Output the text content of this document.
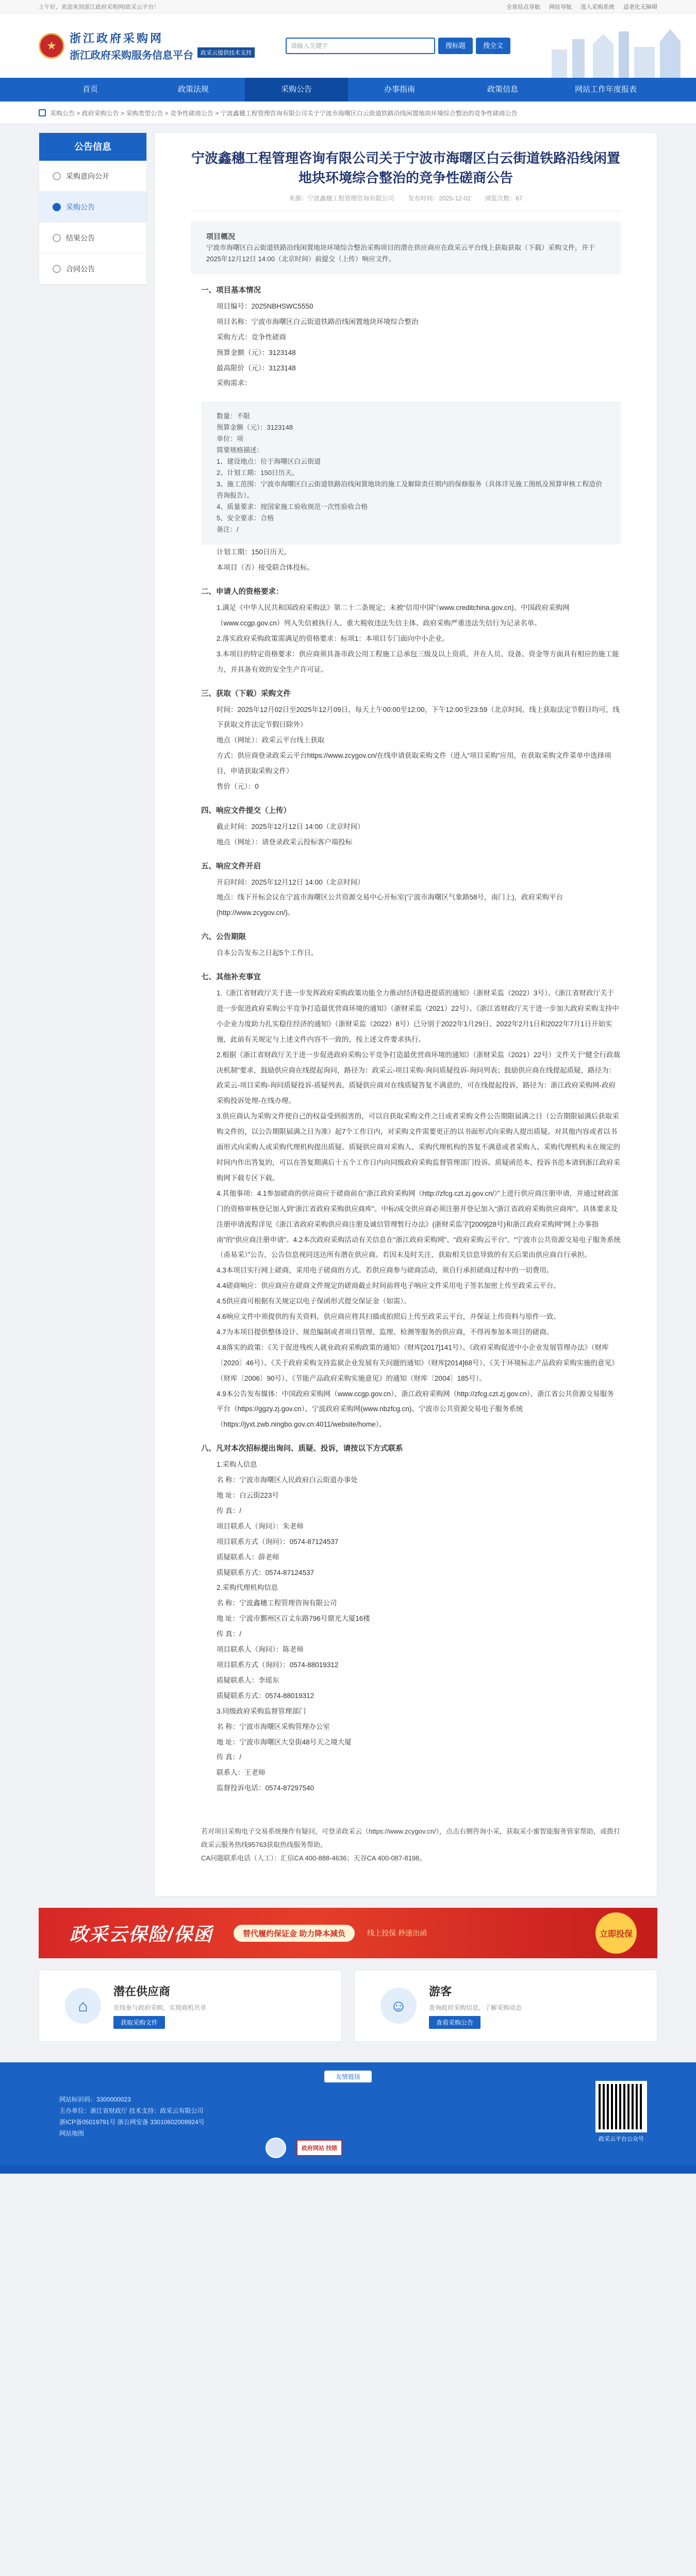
上午好，欢迎来到浙江政府采购网/政采云平台！	全省站点导航 网站导航 进入采购系统 适老化无障碍
★
浙江政府采购网
浙江政府采购服务信息平台	政采云提供技术支持
请输入关键字	搜标题	搜全文
首页	政策法规	采购公告	办事指南	政策信息	网站工作年度报表
采购公告 > 政府采购公告 > 采购类型公告 > 竞争性磋商公告 > 宁波鑫穗工程管理咨询有限公司关于宁波市海曙区白云街道铁路沿线闲置地块环境综合整治的竞争性磋商公告
公告信息
采购意向公开
采购公告
结果公告
合同公告
宁波鑫穗工程管理咨询有限公司关于宁波市海曙区白云街道铁路沿线闲置地块环境综合整治的竞争性磋商公告
来源：宁波鑫穗工程管理咨询有限公司 发布时间：2025-12-02 浏览次数：67
项目概况
宁波市海曙区白云街道铁路沿线闲置地块环境综合整治采购项目的潜在供应商应在政采云平台线上获取获取（下载）采购文件，并于2025年12月12日 14:00（北京时间）前提交（上传）响应文件。

一、项目基本情况

项目编号：2025NBHSWC5550

项目名称：宁波市海曙区白云街道铁路沿线闲置地块环境综合整治

采购方式：竞争性磋商

预算金额（元）：3123148

最高限价（元）：3123148

采购需求：

数量：不限

预算金额（元）：3123148

单位：项

简要规格描述：

1、建设地点：位于海曙区白云街道

2、计划工期：150日历天。

3、施工范围：宁波市海曙区白云街道铁路沿线闲置地块的施工及解除责任期内的保修服务（具体详见施工图纸及预算审核工程造价咨询报告）。

4、质量要求：按国家施工验收规范一次性验收合格

5、安全要求：合格

备注：/

计划工期：150日历天。

本项目（否）接受联合体投标。

二、申请人的资格要求：

1.满足《中华人民共和国政府采购法》第二十二条规定；未被“信用中国”（www.creditchina.gov.cn)、中国政府采购网（www.ccgp.gov.cn）列入失信被执行人、重大税收违法失信主体、政府采购严重违法失信行为记录名单。

2.落实政府采购政策需满足的资格要求：标项1：本项目专门面向中小企业。

3.本项目的特定资格要求：供应商须具备市政公用工程施工总承包三级及以上资质，并在人员、设备、资金等方面具有相应的施工能力，并具备有效的安全生产许可证。

三、获取（下载）采购文件

时间：2025年12月02日至2025年12月09日，每天上午00:00至12:00，下午12:00至23:59（北京时间，线上获取法定节假日均可，线下获取文件法定节假日除外）

地点（网址）：政采云平台线上获取

方式：供应商登录政采云平台https://www.zcygov.cn/在线申请获取采购文件（进入“项目采购”应用，在获取采购文件菜单中选择项目，申请获取采购文件）

售价（元）：0

四、响应文件提交（上传）

截止时间：2025年12月12日 14:00（北京时间）

地点（网址）：请登录政采云投标客户端投标

五、响应文件开启

开启时间：2025年12月12日 14:00（北京时间）

地点：线下开标会议在宁波市海曙区公共资源交易中心开标室(宁波市海曙区气象路58号，南门上)，政府采购平台(http://www.zcygov.cn/)。

六、公告期限

自本公告发布之日起5个工作日。

七、其他补充事宜

1.《浙江省财政厅关于进一步发挥政府采购政策功能全力推动经济稳进提质的通知》（浙财采监（2022）3号）、《浙江省财政厅关于进一步促进政府采购公平竞争打造最优营商环境的通知》（浙财采监（2021）22号）、《浙江省财政厅关于进一步加大政府采购支持中小企业力度助力扎实稳住经济的通知》（浙财采监（2022）8号）已分别于2022年1月29日、2022年2月1日和2022年7月1日开始实施，此前有关规定与上述文件内容不一致的，按上述文件要求执行。

2.根据《浙江省财政厅关于进一步促进政府采购公平竞争打造最优营商环境的通知》（浙财采监（2021）22号）文件关于“健全行政裁决机制”要求，鼓励供应商在线提起询问，路径为：政采云-项目采购-询问质疑投诉-询问列表；鼓励供应商在线提起质疑，路径为：政采云-项目采购-询问质疑投诉-质疑列表。质疑供应商对在线质疑答复不满意的，可在线提起投诉，路径为：浙江政府采购网-政府采购投诉处理-在线办理。

3.供应商认为采购文件使自己的权益受到损害的，可以自获取采购文件之日或者采购文件公告期限届满之日（公告期限届满后获取采购文件的，以公告期限届满之日为准）起7个工作日内，对采购文件需要更正的以书面形式向采购人提出质疑。对其他内容或者以书面形式向采购人或采购代理机构提出质疑。质疑供应商对采购人、采购代理机构的答复不满意或者采购人、采购代理机构未在规定的时间内作出答复的，可以在答复期满后十五个工作日内向同级政府采购监督管理部门投诉。质疑函范本、投诉书范本请到浙江政府采购网下载专区下载。

4.其他事项：4.1参加磋商的供应商应于磋商前在“浙江政府采购网（http://zfcg.czt.zj.gov.cn/）”上进行供应商注册申请，并通过财政部门的资格审核登记加入到“浙江省政府采购供应商库”。中标/成交供应商必须注册并登记加入“浙江省政府采购供应商库”。具体要求及注册申请流程详见《浙江省政府采购供应商注册及诚信管理暂行办法》(浙财采监字[2009]28号)和浙江政府采购网“网上办事指南”的“供应商注册申请”。4.2本次政府采购活动有关信息在“浙江政府采购网”、“政府采购云平台”、“宁波市公共资源交易电子服务系统（甬易采）”公告，公告信息视同送达所有潜在供应商。若因未及时关注、获取相关信息导致的有关后果由供应商自行承担。

4.3本项目实行网上磋商，采用电子磋商的方式。若供应商参与磋商活动，须自行承担磋商过程中的一切费用。

4.4磋商响应：供应商应在磋商文件规定的磋商截止时间前将电子响应文件采用电子签名加密上传至政采云平台。

4.5供应商可根据有关规定以电子保函形式提交保证金（如需）。

4.6响应文件中须提供的有关资料，供应商应将其扫描或拍照后上传至政采云平台，并保证上传资料与原件一致。

4.7为本项目提供整体设计、规范编制或者项目管理、监理、检测等服务的供应商，不得再参加本项目的磋商。

4.8落实的政策：《关于促进残疾人就业政府采购政策的通知》（财库[2017]141号）、《政府采购促进中小企业发展管理办法》（财库〔2020〕46号）、《关于政府采购支持监狱企业发展有关问题的通知》（财库[2014]68号）、《关于环境标志产品政府采购实施的意见》（财库〔2006〕90号）、《节能产品政府采购实施意见》的通知（财库〔2004〕185号）。

4.9本公告发布媒体：中国政府采购网（www.ccgp.gov.cn）、浙江政府采购网（http://zfcg.czt.zj.gov.cn）、浙江省公共资源交易服务平台（https://ggzy.zj.gov.cn）、宁波政府采购网(www.nbzfcg.cn)、宁波市公共资源交易电子服务系统（https://jyxt.zwb.ningbo.gov.cn:4011/website/home）。

八、凡对本次招标提出询问、质疑、投诉，请按以下方式联系

1.采购人信息

名 称：宁波市海曙区人民政府白云街道办事处

地 址：白云街223号

传 真：/

项目联系人（询问）：朱老师

项目联系方式（询问）：0574-87124537

质疑联系人：薛老师

质疑联系方式：0574-87124537

2.采购代理机构信息

名 称：宁波鑫穗工程管理咨询有限公司

地 址：宁波市鄞州区百丈东路796号鼎光大厦16楼

传 真：/

项目联系人（询问）：陈老师

项目联系方式（询问）：0574-88019312

质疑联系人：李瑶东

质疑联系方式：0574-88019312

3.同级政府采购监督管理部门

名 称：宁波市海曙区采购管理办公室

地 址：宁波市海曙区大皇街48号天之境大厦

传 真：/

联系人：王老师

监督投诉电话：0574-87297540

若对项目采购电子交易系统操作有疑问，可登录政采云（https://www.zcygov.cn/），点击右侧咨询小采，获取采小蜜智能服务管家帮助，或拨打政采云服务热线95763获取热线服务帮助。

CA问题联系电话（人工）：汇信CA 400-888-4636；天谷CA 400-087-8198。

政采云保险/保函	替代履约保证金 助力降本减负	线上投保 秒速出函	立即投保
⌂
潜在供应商
在线参与政府采购，实现商机共享
获取采购文件
☺
游客
查询政府采购信息，了解采购动态
查看采购公告
友情链接
网站标识码：3300000023
主办单位：浙江省财政厅 技术支持：政采云有限公司
浙ICP备05019791号 浙公网安备 33010602009924号
网站地图
政府网站 找错
政采云平台公众号
